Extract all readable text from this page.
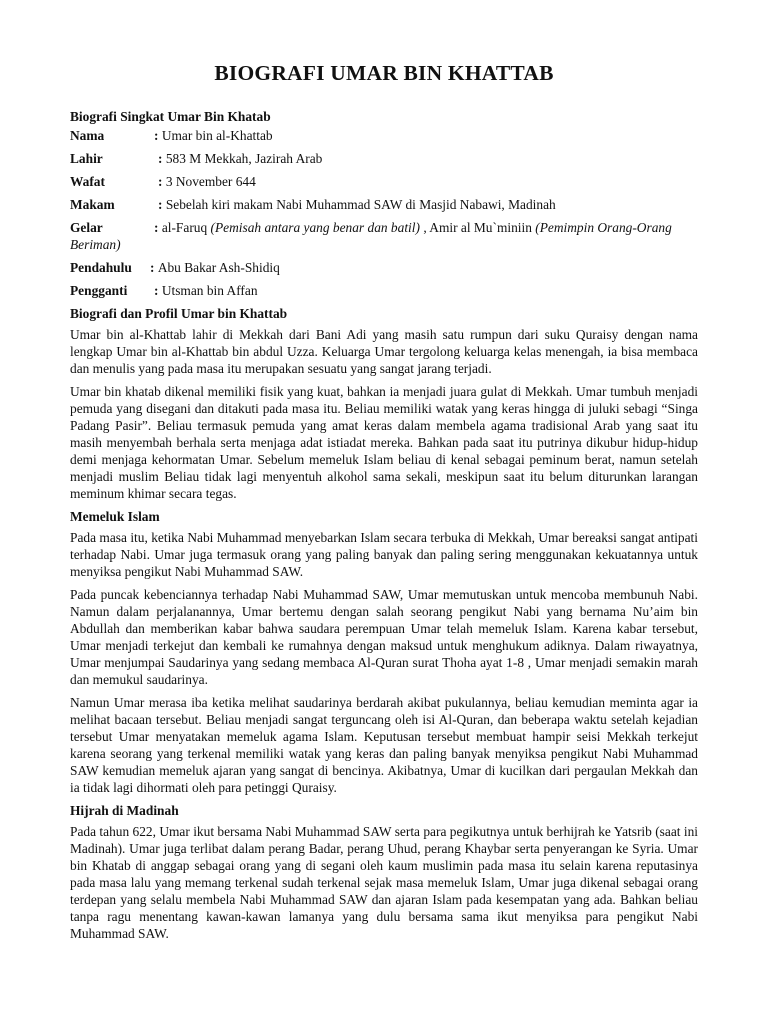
BIOGRAFI UMAR BIN KHATTAB
Biografi Singkat Umar Bin Khatab
Nama	: Umar bin al-Khattab
Lahir	: 583 M Mekkah, Jazirah Arab
Wafat	: 3 November 644
Makam	: Sebelah kiri makam Nabi Muhammad SAW di Masjid Nabawi, Madinah
Gelar	: al-Faruq (Pemisah antara yang benar dan batil) , Amir al Mu`miniin (Pemimpin Orang-Orang Beriman)
Pendahulu : Abu Bakar Ash-Shidiq
Pengganti : Utsman bin Affan
Biografi dan Profil Umar bin Khattab

Umar bin al-Khattab lahir di Mekkah dari Bani Adi yang masih satu rumpun dari suku Quraisy dengan nama lengkap Umar bin al-Khattab bin abdul Uzza. Keluarga Umar tergolong keluarga kelas menengah, ia bisa membaca dan menulis yang pada masa itu merupakan sesuatu yang sangat jarang terjadi.

Umar bin khatab dikenal memiliki fisik yang kuat, bahkan ia menjadi juara gulat di Mekkah. Umar tumbuh menjadi pemuda yang disegani dan ditakuti pada masa itu. Beliau memiliki watak yang keras hingga di juluki sebagi “Singa Padang Pasir”. Beliau termasuk pemuda yang amat keras dalam membela agama tradisional Arab yang saat itu masih menyembah berhala serta menjaga adat istiadat mereka. Bahkan pada saat itu putrinya dikubur hidup-hidup demi menjaga kehormatan Umar. Sebelum memeluk Islam beliau di kenal sebagai peminum berat, namun setelah menjadi muslim Beliau tidak lagi menyentuh alkohol sama sekali, meskipun saat itu belum diturunkan larangan meminum khimar secara tegas.

Memeluk Islam

Pada masa itu, ketika Nabi Muhammad menyebarkan Islam secara terbuka di Mekkah, Umar bereaksi sangat antipati terhadap Nabi. Umar juga termasuk orang yang paling banyak dan paling sering menggunakan kekuatannya untuk menyiksa pengikut Nabi Muhammad SAW.

Pada puncak kebenciannya terhadap Nabi Muhammad SAW, Umar memutuskan untuk mencoba membunuh Nabi. Namun dalam perjalanannya, Umar bertemu dengan salah seorang pengikut Nabi yang bernama Nu’aim bin Abdullah dan memberikan kabar bahwa saudara perempuan Umar telah memeluk Islam. Karena kabar tersebut, Umar menjadi terkejut dan kembali ke rumahnya dengan maksud untuk menghukum adiknya. Dalam riwayatnya, Umar menjumpai Saudarinya yang sedang membaca Al-Quran surat Thoha ayat 1-8 , Umar menjadi semakin marah dan memukul saudarinya.

Namun Umar merasa iba ketika melihat saudarinya berdarah akibat pukulannya, beliau kemudian meminta agar ia melihat bacaan tersebut. Beliau menjadi sangat terguncang oleh isi Al-Quran, dan beberapa waktu setelah kejadian tersebut Umar menyatakan memeluk agama Islam. Keputusan tersebut membuat hampir seisi Mekkah terkejut karena seorang yang terkenal memiliki watak yang keras dan paling banyak menyiksa pengikut Nabi Muhammad SAW kemudian memeluk ajaran yang sangat di bencinya. Akibatnya, Umar di kucilkan dari pergaulan Mekkah dan ia tidak lagi dihormati oleh para petinggi Quraisy.

Hijrah di Madinah

Pada tahun 622, Umar ikut bersama Nabi Muhammad SAW serta para pegikutnya untuk berhijrah ke Yatsrib (saat ini Madinah). Umar juga terlibat dalam perang Badar, perang Uhud, perang Khaybar serta penyerangan ke Syria. Umar bin Khatab di anggap sebagai orang yang di segani oleh kaum muslimin pada masa itu selain karena reputasinya pada masa lalu yang memang terkenal sudah terkenal sejak masa memeluk Islam, Umar juga dikenal sebagai orang terdepan yang selalu membela Nabi Muhammad SAW dan ajaran Islam pada kesempatan yang ada. Bahkan beliau tanpa ragu menentang kawan-kawan lamanya yang dulu bersama sama ikut menyiksa para pengikut Nabi Muhammad SAW.
